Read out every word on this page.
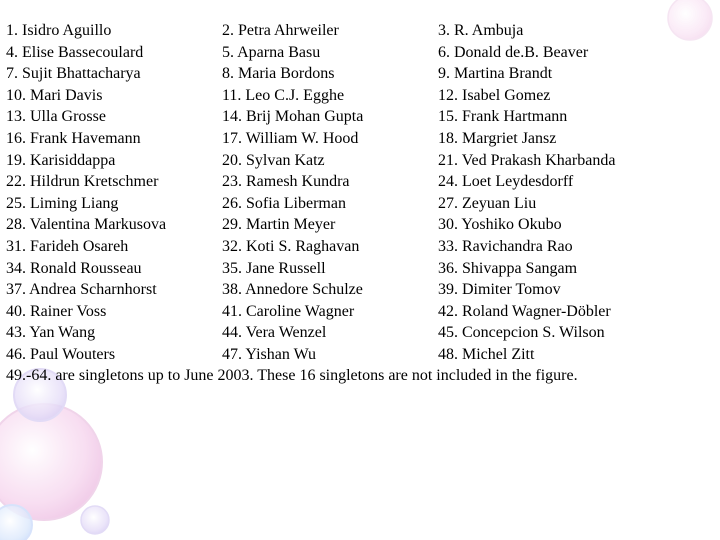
1. Isidro Aguillo	2. Petra Ahrweiler	3. R. Ambuja
4. Elise Bassecoulard	5. Aparna Basu	6. Donald de.B. Beaver
7. Sujit Bhattacharya	8. Maria Bordons	9. Martina Brandt
10. Mari Davis	11. Leo C.J. Egghe	12. Isabel Gomez
13. Ulla Grosse	14. Brij Mohan Gupta	15. Frank Hartmann
16. Frank Havemann	17. William W. Hood	18. Margriet Jansz
19. Karisiddappa	20. Sylvan Katz	21. Ved Prakash Kharbanda
22. Hildrun Kretschmer	23. Ramesh Kundra	24. Loet Leydesdorff
25. Liming Liang	26. Sofia Liberman	27. Zeyuan Liu
28. Valentina Markusova	29. Martin Meyer	30. Yoshiko Okubo
31. Farideh Osareh	32. Koti S. Raghavan	33. Ravichandra Rao
34. Ronald Rousseau	35. Jane Russell	36. Shivappa Sangam
37. Andrea Scharnhorst	38. Annedore Schulze	39. Dimiter Tomov
40. Rainer Voss	41. Caroline Wagner	42. Roland Wagner-Döbler
43. Yan Wang	44. Vera Wenzel	45. Concepcion S. Wilson
46. Paul Wouters	47. Yishan Wu	48. Michel Zitt
49.-64. are singletons up to June 2003. These 16 singletons are not included in the figure.
